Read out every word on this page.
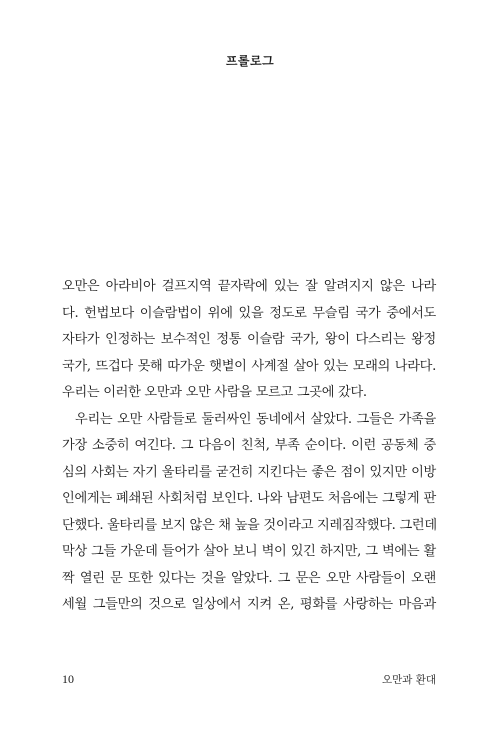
프롤로그
오만은 아라비아 걸프지역 끝자락에 있는 잘 알려지지 않은 나라
다. 헌법보다 이슬람법이 위에 있을 정도로 무슬림 국가 중에서도
자타가 인정하는 보수적인 정통 이슬람 국가, 왕이 다스리는 왕정
국가, 뜨겁다 못해 따가운 햇볕이 사계절 살아 있는 모래의 나라다.
우리는 이러한 오만과 오만 사람을 모르고 그곳에 갔다.
우리는 오만 사람들로 둘러싸인 동네에서 살았다. 그들은 가족을
가장 소중히 여긴다. 그 다음이 친척, 부족 순이다. 이런 공동체 중
심의 사회는 자기 울타리를 굳건히 지킨다는 좋은 점이 있지만 이방
인에게는 폐쇄된 사회처럼 보인다. 나와 남편도 처음에는 그렇게 판
단했다. 울타리를 보지 않은 채 높을 것이라고 지레짐작했다. 그런데
막상 그들 가운데 들어가 살아 보니 벽이 있긴 하지만, 그 벽에는 활
짝 열린 문 또한 있다는 것을 알았다. 그 문은 오만 사람들이 오랜
세월 그들만의 것으로 일상에서 지켜 온, 평화를 사랑하는 마음과
10	오만과 환대
